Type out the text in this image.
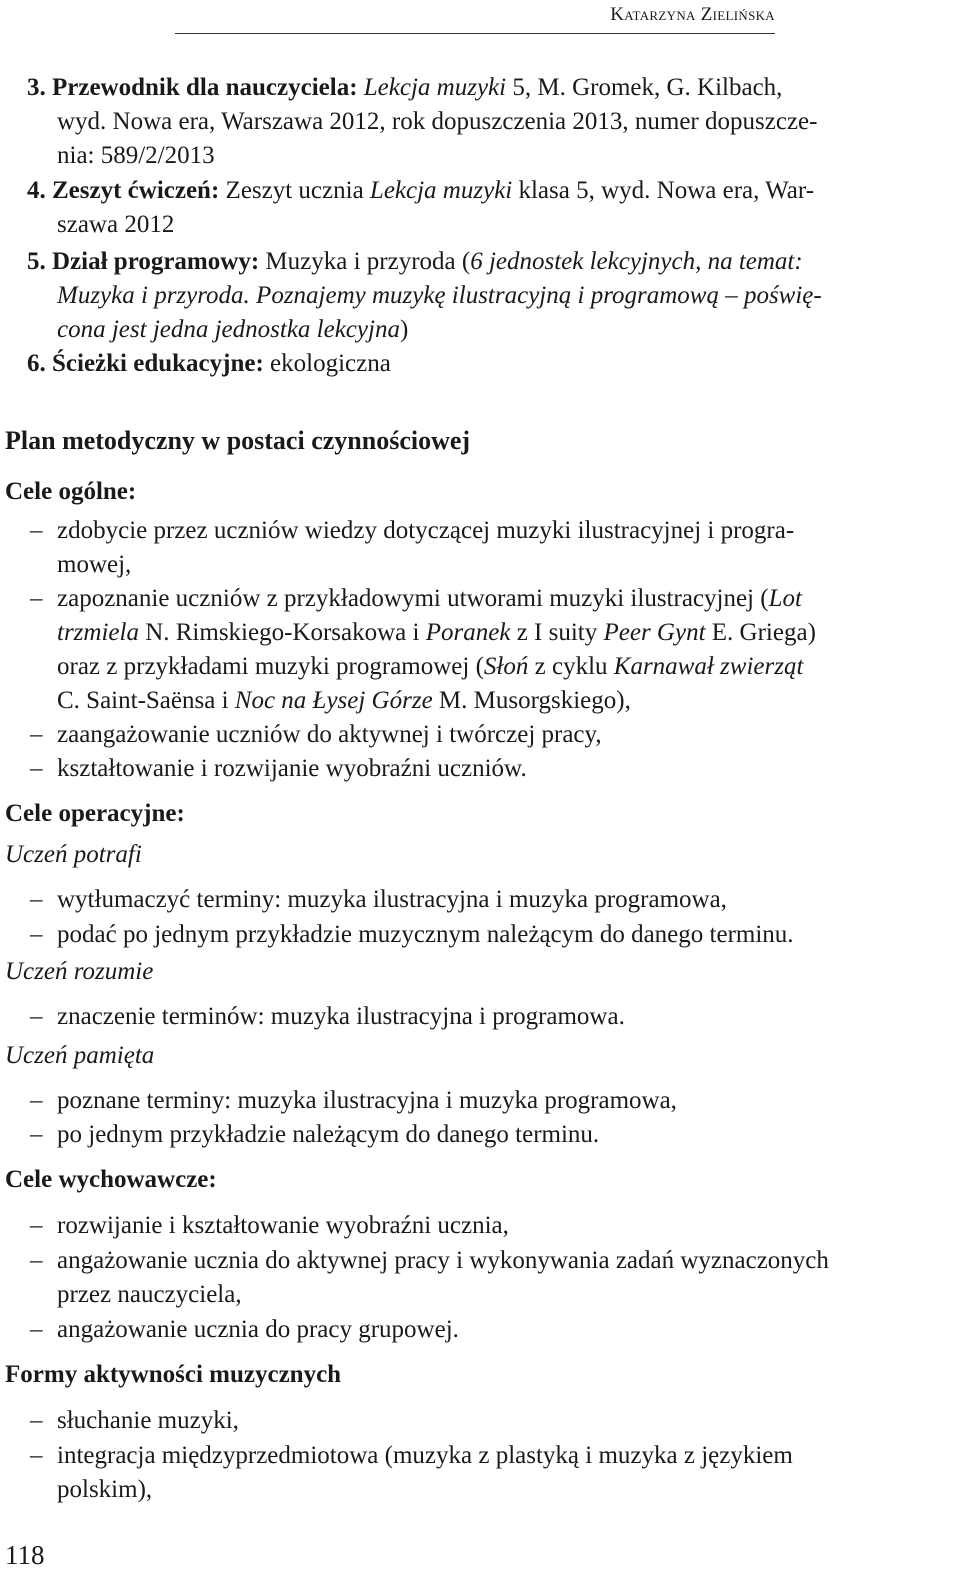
Katarzyna Zielińska
3. Przewodnik dla nauczyciela: Lekcja muzyki 5, M. Gromek, G. Kilbach,
wyd. Nowa era, Warszawa 2012, rok dopuszczenia 2013, numer dopuszcze-
nia: 589/2/2013
4. Zeszyt ćwiczeń: Zeszyt ucznia Lekcja muzyki klasa 5, wyd. Nowa era, War-
szawa 2012
5. Dział programowy: Muzyka i przyroda (6 jednostek lekcyjnych, na temat:
Muzyka i przyroda. Poznajemy muzykę ilustracyjną i programową – poświę-
cona jest jedna jednostka lekcyjna)
6. Ścieżki edukacyjne: ekologiczna
Plan metodyczny w postaci czynnościowej
Cele ogólne:
– zdobycie przez uczniów wiedzy dotyczącej muzyki ilustracyjnej i progra-
mowej,
– zapoznanie uczniów z przykładowymi utworami muzyki ilustracyjnej (Lot
trzmiela N. Rimskiego-Korsakowa i Poranek z I suity Peer Gynt E. Griega)
oraz z przykładami muzyki programowej (Słoń z cyklu Karnawał zwierząt
C. Saint-Saënsa i Noc na Łysej Górze M. Musorgskiego),
– zaangażowanie uczniów do aktywnej i twórczej pracy,
– kształtowanie i rozwijanie wyobraźni uczniów.
Cele operacyjne:
Uczeń potrafi
– wytłumaczyć terminy: muzyka ilustracyjna i muzyka programowa,
– podać po jednym przykładzie muzycznym należącym do danego terminu.
Uczeń rozumie
– znaczenie terminów: muzyka ilustracyjna i programowa.
Uczeń pamięta
– poznane terminy: muzyka ilustracyjna i muzyka programowa,
– po jednym przykładzie należącym do danego terminu.
Cele wychowawcze:
– rozwijanie i kształtowanie wyobraźni ucznia,
– angażowanie ucznia do aktywnej pracy i wykonywania zadań wyznaczonych
przez nauczyciela,
– angażowanie ucznia do pracy grupowej.
Formy aktywności muzycznych
– słuchanie muzyki,
– integracja międzyprzedmiotowa (muzyka z plastyką i muzyka z językiem
polskim),
118
